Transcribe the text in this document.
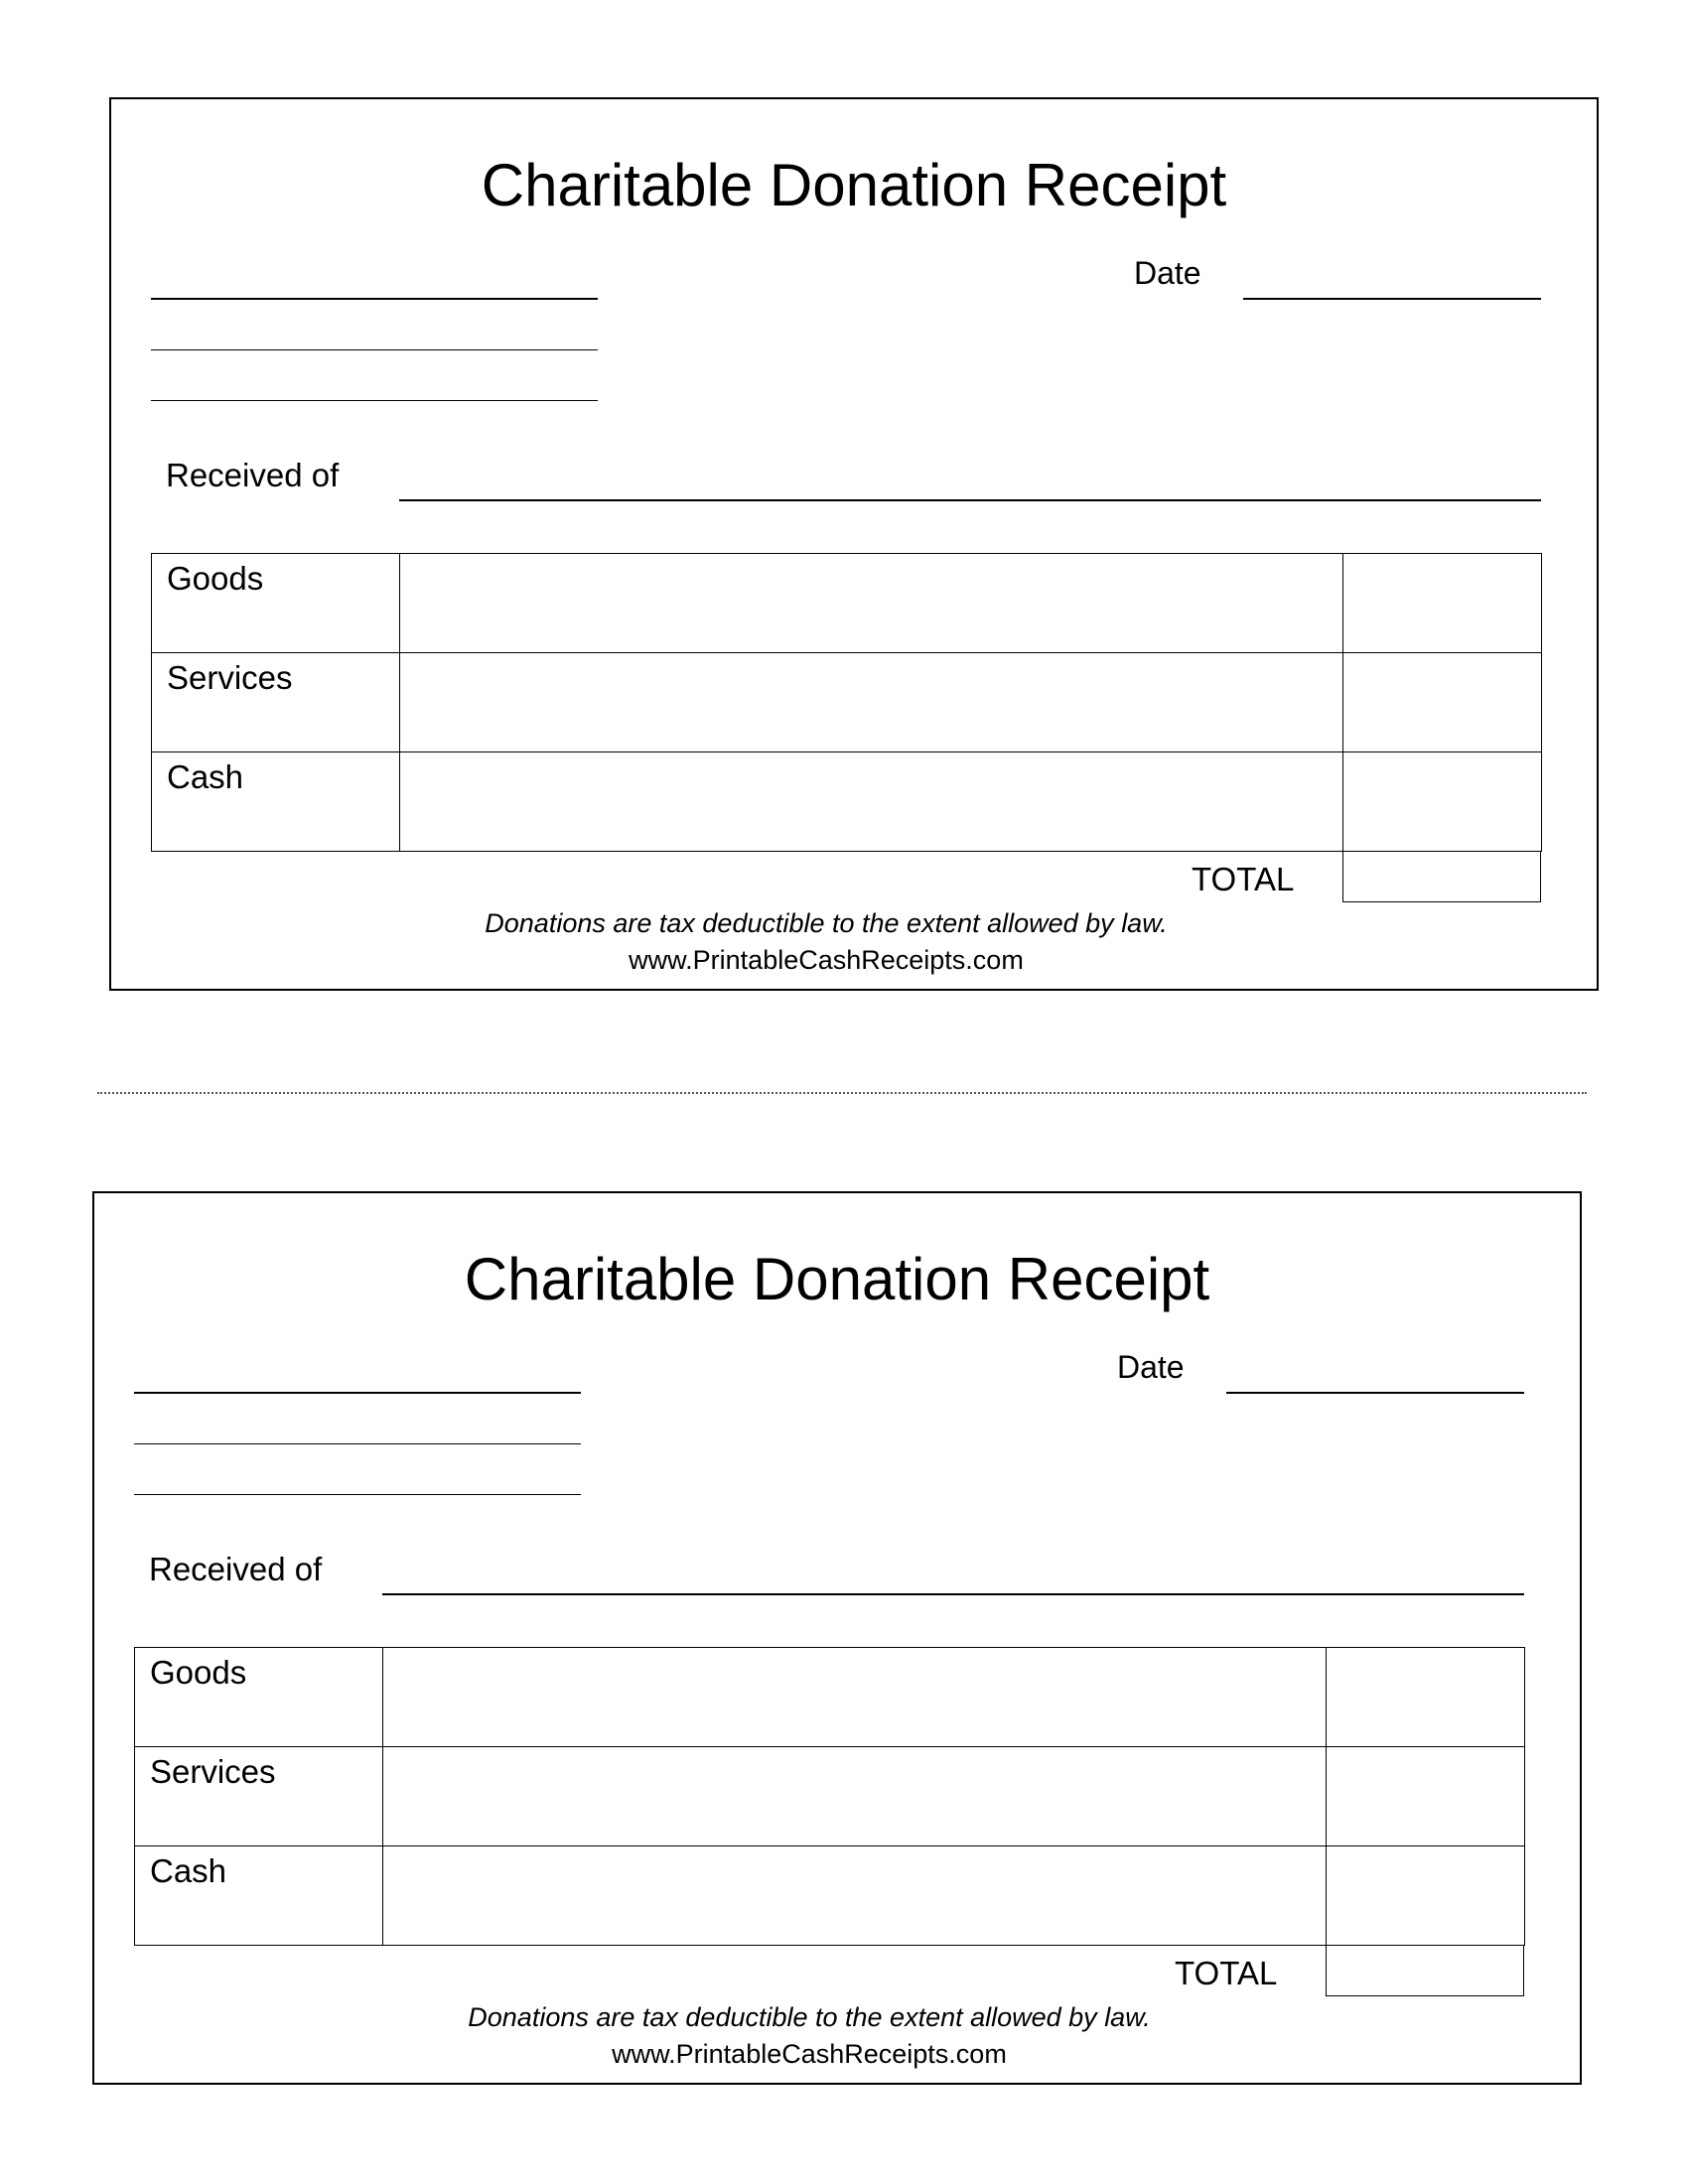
Charitable Donation Receipt
Date
Received of
Goods		
Services		
Cash		
TOTAL
Donations are tax deductible to the extent allowed by law.
www.PrintableCashReceipts.com
Charitable Donation Receipt
Date
Received of
Goods		
Services		
Cash		
TOTAL
Donations are tax deductible to the extent allowed by law.
www.PrintableCashReceipts.com
